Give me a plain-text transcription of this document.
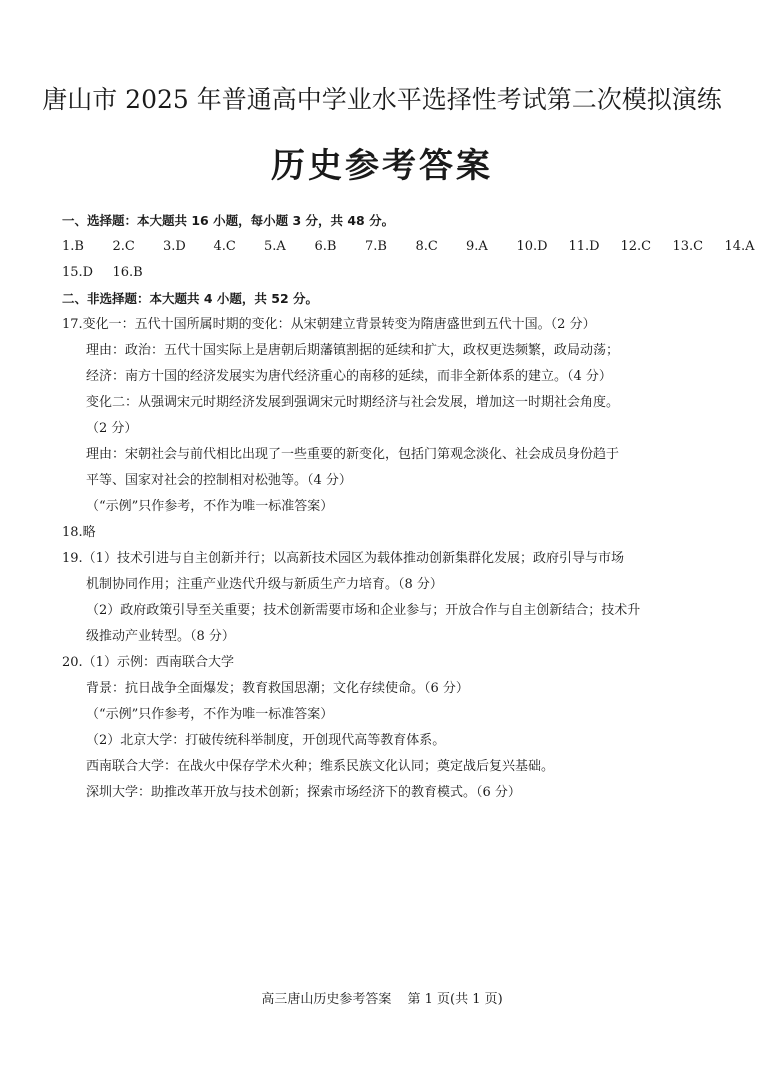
唐山市 2025 年普通高中学业水平选择性考试第二次模拟演练
历史参考答案
一、选择题：本大题共 16 小题，每小题 3 分，共 48 分。
1.B	2.C	3.D	4.C	5.A	6.B	7.B	8.C	9.A	10.D	11.D	12.C	13.C	14.A
15.D	16.B
二、非选择题：本大题共 4 小题，共 52 分。
17.变化一：五代十国所属时期的变化：从宋朝建立背景转变为隋唐盛世到五代十国。（2 分）
理由：政治：五代十国实际上是唐朝后期藩镇割据的延续和扩大，政权更迭频繁，政局动荡；
经济：南方十国的经济发展实为唐代经济重心的南移的延续，而非全新体系的建立。（4 分）
变化二：从强调宋元时期经济发展到强调宋元时期经济与社会发展，增加这一时期社会角度。
（2 分）
理由：宋朝社会与前代相比出现了一些重要的新变化，包括门第观念淡化、社会成员身份趋于
平等、国家对社会的控制相对松弛等。（4 分）
（“示例”只作参考，不作为唯一标准答案）
18.略
19.（1）技术引进与自主创新并行；以高新技术园区为载体推动创新集群化发展；政府引导与市场
机制协同作用；注重产业迭代升级与新质生产力培育。（8 分）
（2）政府政策引导至关重要；技术创新需要市场和企业参与；开放合作与自主创新结合；技术升
级推动产业转型。（8 分）
20.（1）示例：西南联合大学
背景：抗日战争全面爆发；教育救国思潮；文化存续使命。（6 分）
（“示例”只作参考，不作为唯一标准答案）
（2）北京大学：打破传统科举制度，开创现代高等教育体系。
西南联合大学：在战火中保存学术火种；维系民族文化认同；奠定战后复兴基础。
深圳大学：助推改革开放与技术创新；探索市场经济下的教育模式。（6 分）
高三唐山历史参考答案 第 1 页(共 1 页)
